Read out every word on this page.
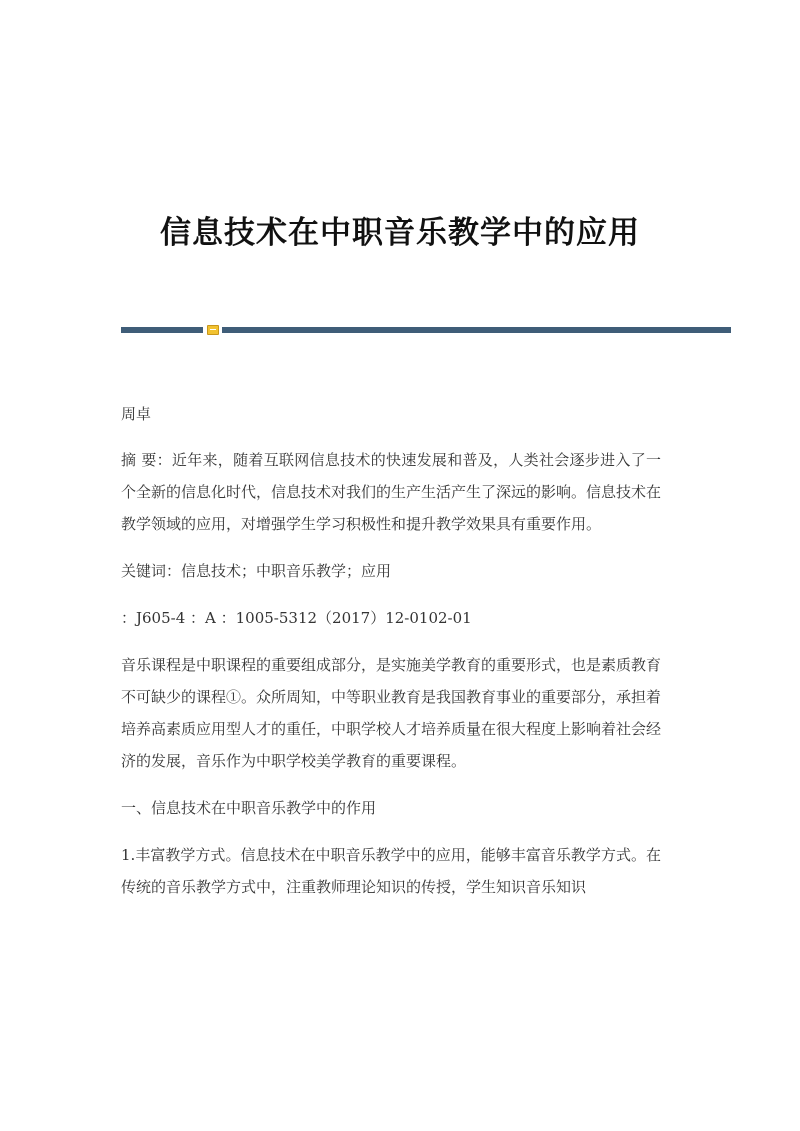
信息技术在中职音乐教学中的应用

周卓

摘 要：近年来，随着互联网信息技术的快速发展和普及，人类社会逐步进入了一个全新的信息化时代，信息技术对我们的生产生活产生了深远的影响。信息技术在教学领域的应用，对增强学生学习积极性和提升教学效果具有重要作用。

关键词：信息技术；中职音乐教学；应用

：J605-4 ：A ：1005-5312（2017）12-0102-01

音乐课程是中职课程的重要组成部分，是实施美学教育的重要形式，也是素质教育不可缺少的课程①。众所周知，中等职业教育是我国教育事业的重要部分，承担着培养高素质应用型人才的重任，中职学校人才培养质量在很大程度上影响着社会经济的发展，音乐作为中职学校美学教育的重要课程。

一、信息技术在中职音乐教学中的作用

1.丰富教学方式。信息技术在中职音乐教学中的应用，能够丰富音乐教学方式。在传统的音乐教学方式中，注重教师理论知识的传授，学生知识音乐知识
